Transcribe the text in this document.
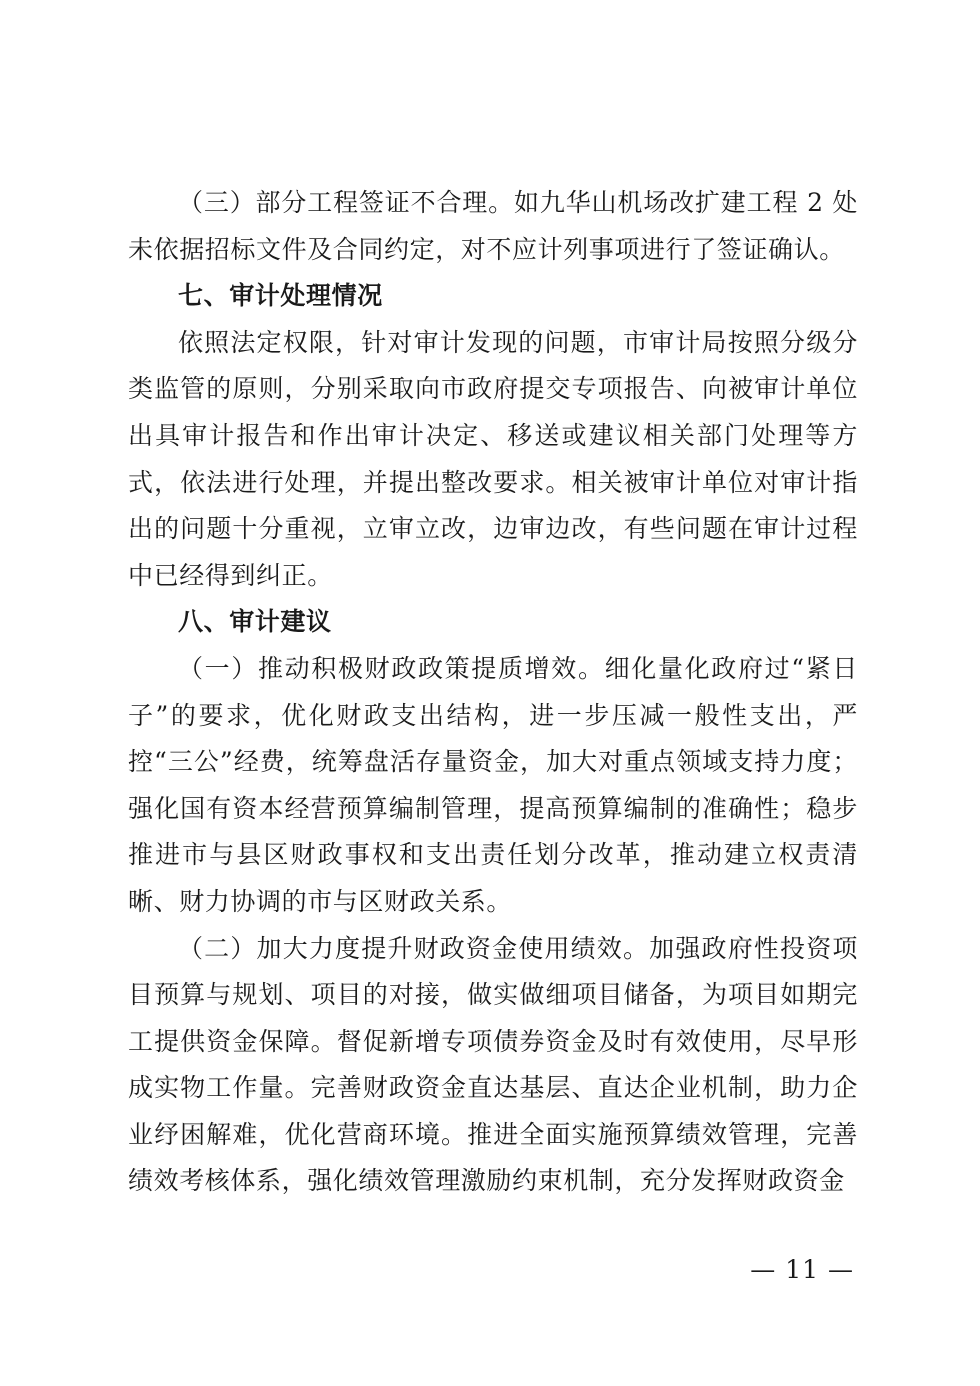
（三）部分工程签证不合理。如九华山机场改扩建工程 2 处未依据招标文件及合同约定，对不应计列事项进行了签证确认。

七、审计处理情况

依照法定权限，针对审计发现的问题，市审计局按照分级分类监管的原则，分别采取向市政府提交专项报告、向被审计单位出具审计报告和作出审计决定、移送或建议相关部门处理等方式，依法进行处理，并提出整改要求。相关被审计单位对审计指出的问题十分重视，立审立改，边审边改，有些问题在审计过程中已经得到纠正。

八、审计建议

（一）推动积极财政政策提质增效。细化量化政府过“紧日子”的要求，优化财政支出结构，进一步压减一般性支出，严控“三公”经费，统筹盘活存量资金，加大对重点领域支持力度；强化国有资本经营预算编制管理，提高预算编制的准确性；稳步推进市与县区财政事权和支出责任划分改革，推动建立权责清晰、财力协调的市与区财政关系。

（二）加大力度提升财政资金使用绩效。加强政府性投资项目预算与规划、项目的对接，做实做细项目储备，为项目如期完工提供资金保障。督促新增专项债券资金及时有效使用，尽早形成实物工作量。完善财政资金直达基层、直达企业机制，助力企业纾困解难，优化营商环境。推进全面实施预算绩效管理，完善绩效考核体系，强化绩效管理激励约束机制，充分发挥财政资金

— 11 —
